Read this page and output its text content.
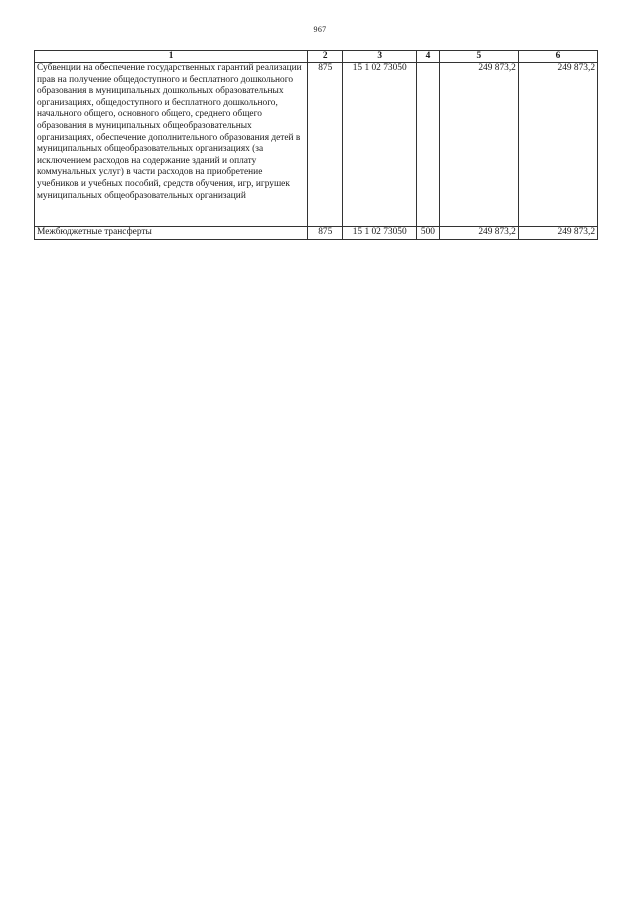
967
1	2	3	4	5	6
Субвенции на обеспечение государственных гарантий реализации прав на получение общедоступного и бесплатного дошкольного образования в муниципальных дошкольных образовательных организациях, общедоступного и бесплатного дошкольного, начального общего, основного общего, среднего общего образования в муниципальных общеобразовательных организациях, обеспечение дополнительного образования детей в муниципальных общеобразовательных организациях (за исключением расходов на содержание зданий и оплату коммунальных услуг) в части расходов на приобретение учебников и учебных пособий, средств обучения, игр, игрушек муниципальных общеобразовательных организаций	875	15 1 02 73050		249 873,2	249 873,2
Межбюджетные трансферты	875	15 1 02 73050	500	249 873,2	249 873,2
